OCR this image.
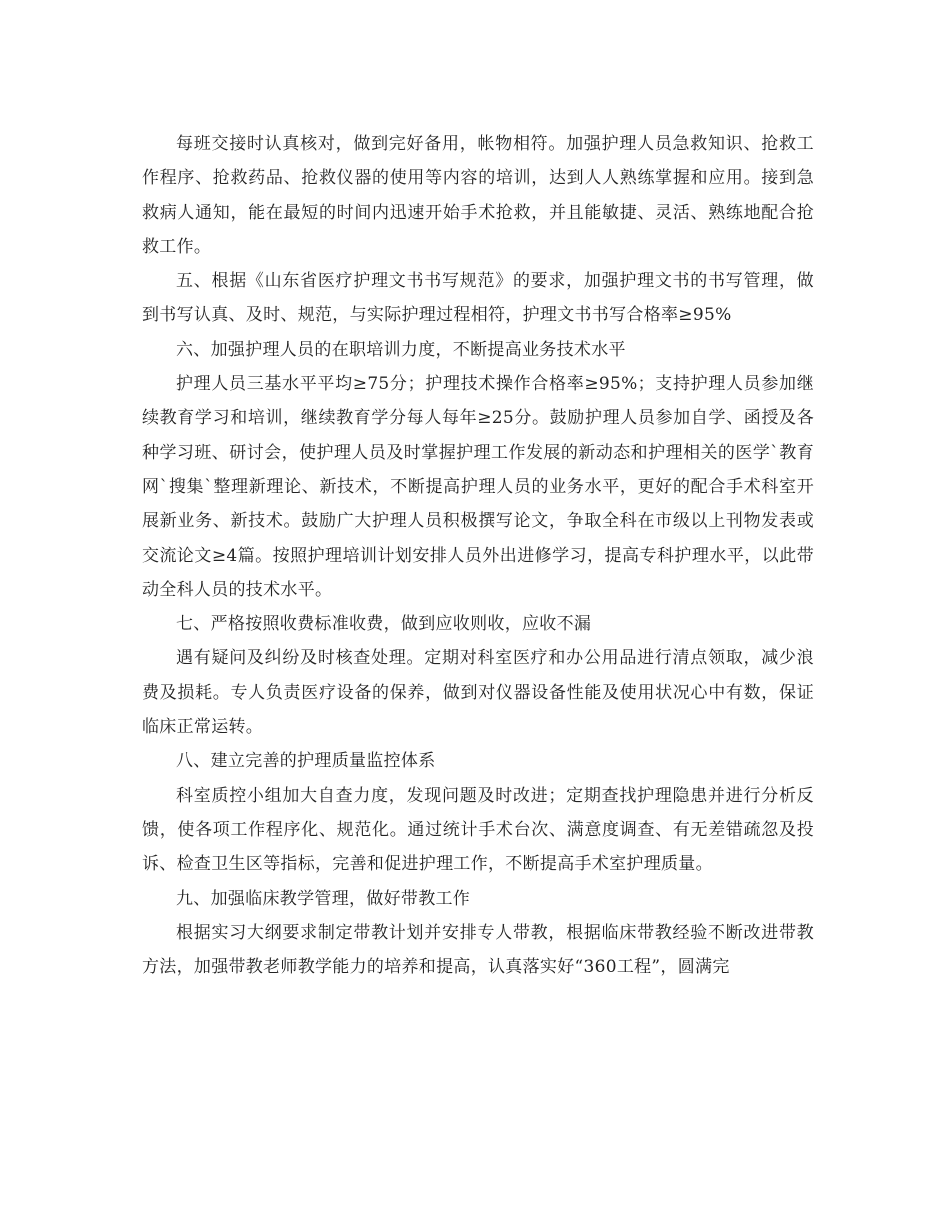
每班交接时认真核对，做到完好备用，帐物相符。加强护理人员急救知识、抢救工作程序、抢救药品、抢救仪器的使用等内容的培训，达到人人熟练掌握和应用。接到急救病人通知，能在最短的时间内迅速开始手术抢救，并且能敏捷、灵活、熟练地配合抢救工作。

五、根据《山东省医疗护理文书书写规范》的要求，加强护理文书的书写管理，做到书写认真、及时、规范，与实际护理过程相符，护理文书书写合格率≥95%

六、加强护理人员的在职培训力度，不断提高业务技术水平

护理人员三基水平平均≥75分；护理技术操作合格率≥95%；支持护理人员参加继续教育学习和培训，继续教育学分每人每年≥25分。鼓励护理人员参加自学、函授及各种学习班、研讨会，使护理人员及时掌握护理工作发展的新动态和护理相关的医学`教育网`搜集`整理新理论、新技术，不断提高护理人员的业务水平，更好的配合手术科室开展新业务、新技术。鼓励广大护理人员积极撰写论文，争取全科在市级以上刊物发表或交流论文≥4篇。按照护理培训计划安排人员外出进修学习，提高专科护理水平，以此带动全科人员的技术水平。

七、严格按照收费标准收费，做到应收则收，应收不漏

遇有疑问及纠纷及时核查处理。定期对科室医疗和办公用品进行清点领取，减少浪费及损耗。专人负责医疗设备的保养，做到对仪器设备性能及使用状况心中有数，保证临床正常运转。

八、建立完善的护理质量监控体系

科室质控小组加大自查力度，发现问题及时改进；定期查找护理隐患并进行分析反馈，使各项工作程序化、规范化。通过统计手术台次、满意度调查、有无差错疏忽及投诉、检查卫生区等指标，完善和促进护理工作，不断提高手术室护理质量。

九、加强临床教学管理，做好带教工作

根据实习大纲要求制定带教计划并安排专人带教，根据临床带教经验不断改进带教方法，加强带教老师教学能力的培养和提高，认真落实好“360工程”，圆满完
